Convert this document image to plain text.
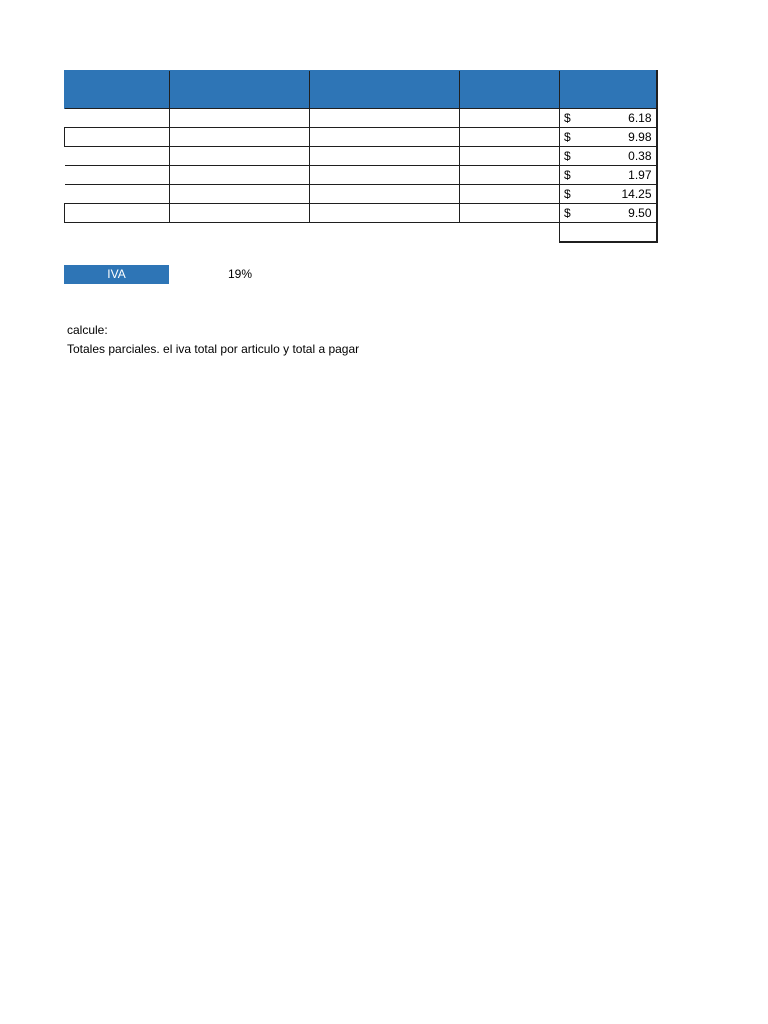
				$ 6.18

				$ 9.98

				$ 0.38

				$ 1.97

				$ 14.25

				$ 9.50

IVA	19%
calcule:
Totales parciales. el iva total por articulo y total a pagar
